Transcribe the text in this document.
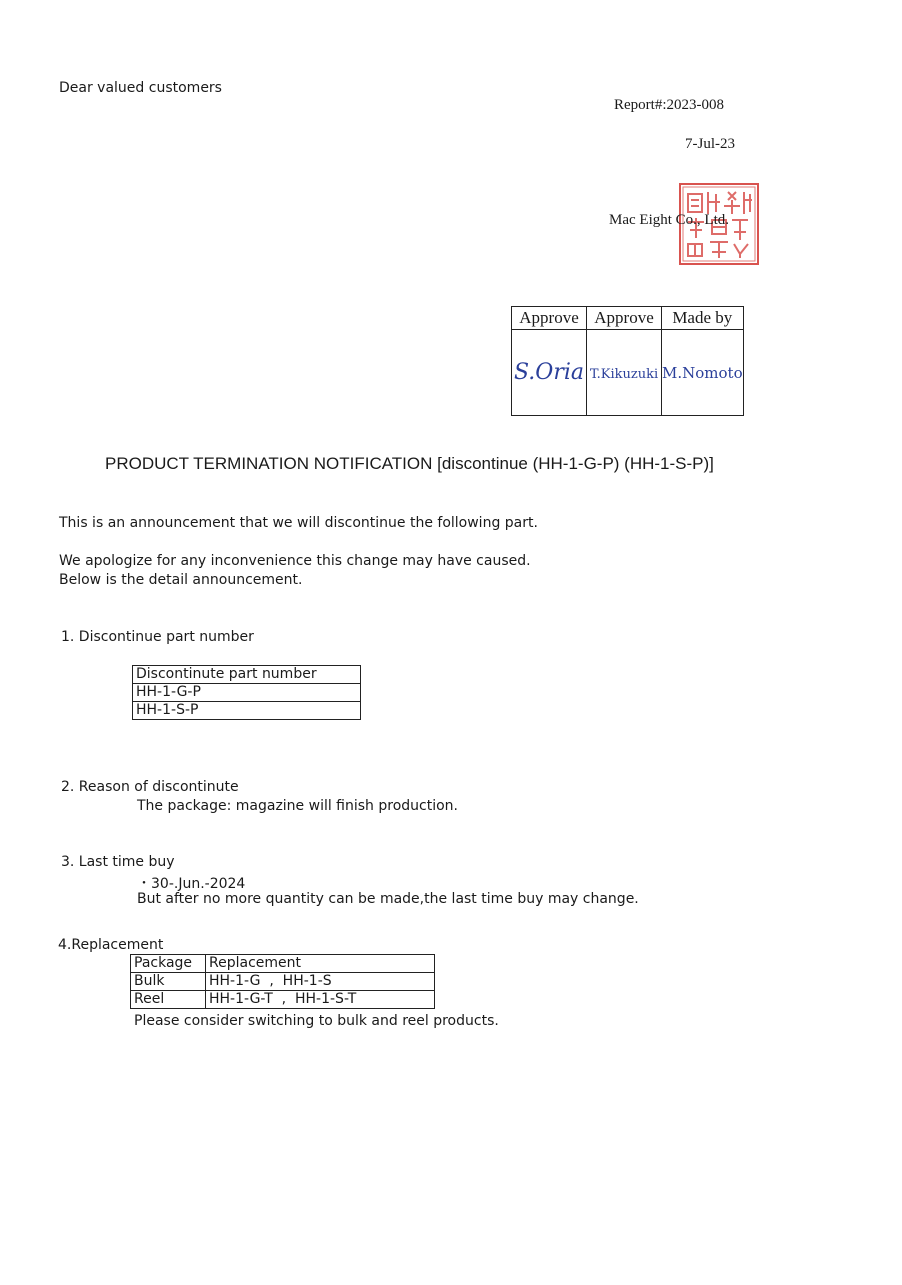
Dear valued customers
Report#:2023-008
7-Jul-23
Mac Eight Co., Ltd.
Approve	Approve	Made by
S.Oria	T.Kikuzuki	M.Nomoto
PRODUCT TERMINATION NOTIFICATION [discontinue (HH-1-G-P) (HH-1-S-P)]
This is an announcement that we will discontinue the following part.
We apologize for any inconvenience this change may have caused.
Below is the detail announcement.
1. Discontinue part number
Discontinute part number
HH-1-G-P
HH-1-S-P
2. Reason of discontinute
The package: magazine will finish production.
3. Last time buy
・30-.Jun.-2024
But after no more quantity can be made,the last time buy may change.
4.Replacement
Package	Replacement
Bulk	HH-1-G  ,  HH-1-S
Reel	HH-1-G-T  ,  HH-1-S-T
Please consider switching to bulk and reel products.
